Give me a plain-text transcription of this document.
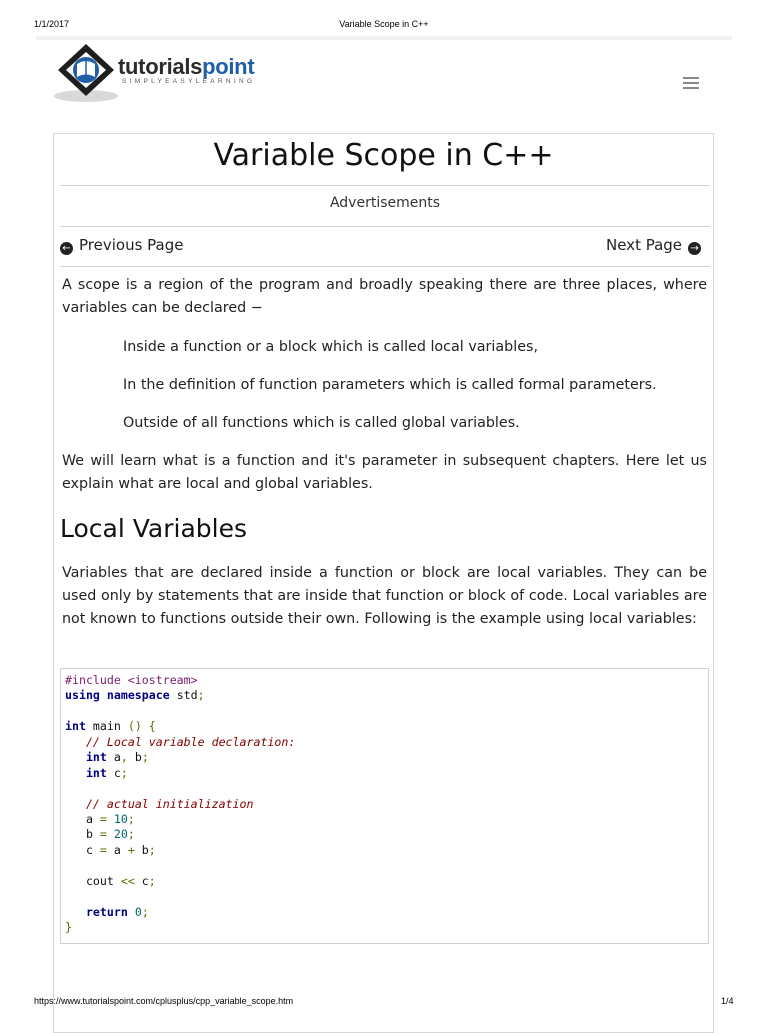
1/1/2017	Variable Scope in C++
tutorialspoint
SIMPLYEASYLEARNING
Variable Scope in C++
Advertisements
← Previous Page	Next Page →

A scope is a region of the program and broadly speaking there are three places, where variables can be declared −

Inside a function or a block which is called local variables,
In the definition of function parameters which is called formal parameters.
Outside of all functions which is called global variables.

We will learn what is a function and it's parameter in subsequent chapters. Here let us explain what are local and global variables.

Local Variables

Variables that are declared inside a function or block are local variables. They can be used only by statements that are inside that function or block of code. Local variables are not known to functions outside their own. Following is the example using local variables:

#include <iostream>
using namespace std;

int main () {
// Local variable declaration:
int a, b;
int c;

// actual initialization
a = 10;
b = 20;
c = a + b;

cout << c;

return 0;
}
https://www.tutorialspoint.com/cplusplus/cpp_variable_scope.htm	1/4
